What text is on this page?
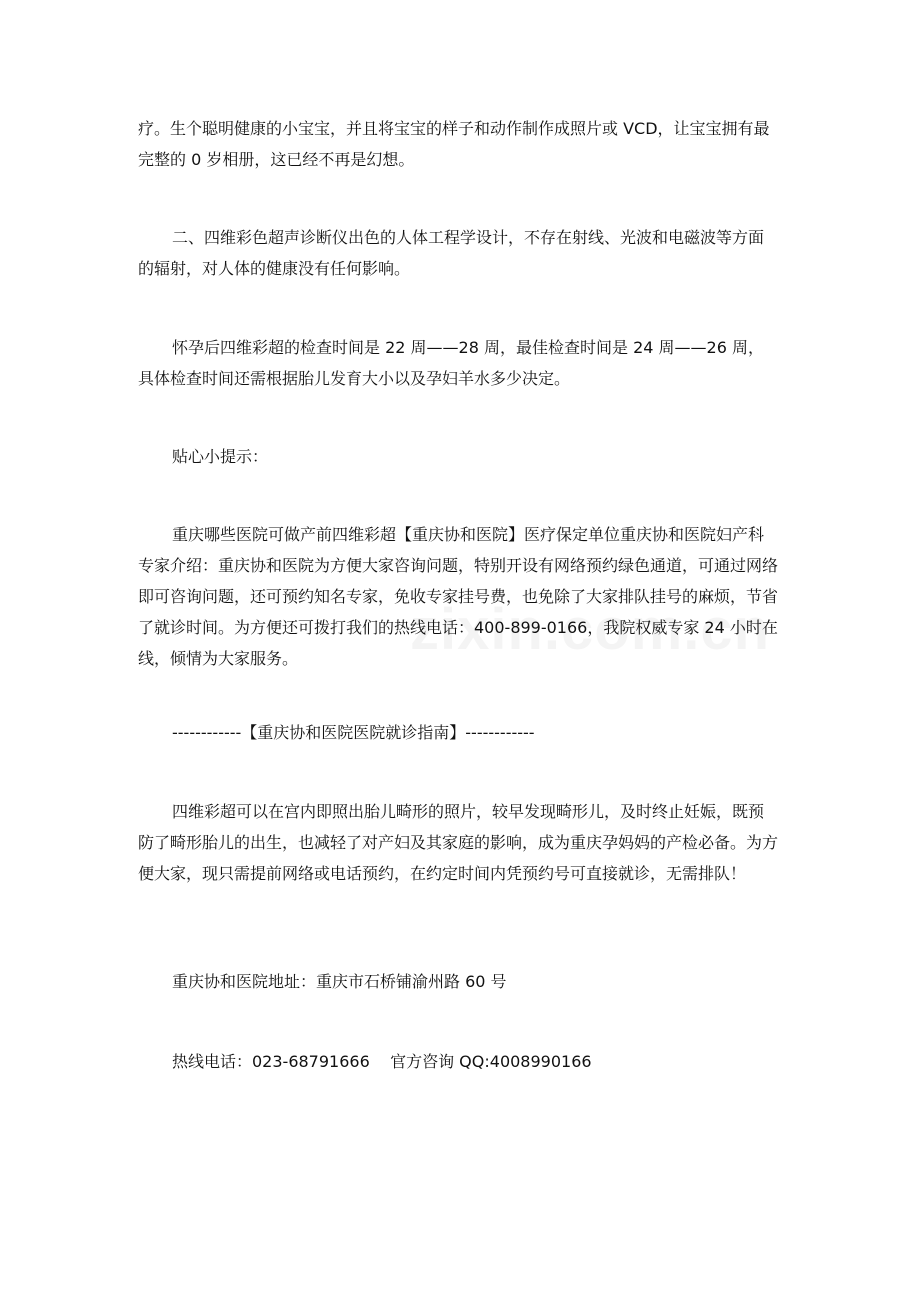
疗。生个聪明健康的小宝宝，并且将宝宝的样子和动作制作成照片或 VCD，让宝宝拥有最完整的 0 岁相册，这已经不再是幻想。

二、四维彩色超声诊断仪出色的人体工程学设计，不存在射线、光波和电磁波等方面的辐射，对人体的健康没有任何影响。

怀孕后四维彩超的检查时间是 22 周——28 周，最佳检查时间是 24 周——26 周，具体检查时间还需根据胎儿发育大小以及孕妇羊水多少决定。

贴心小提示：

重庆哪些医院可做产前四维彩超【重庆协和医院】医疗保定单位重庆协和医院妇产科专家介绍：重庆协和医院为方便大家咨询问题，特别开设有网络预约绿色通道，可通过网络即可咨询问题，还可预约知名专家，免收专家挂号费，也免除了大家排队挂号的麻烦，节省了就诊时间。为方便还可拨打我们的热线电话：400-899-0166，我院权威专家 24 小时在线，倾情为大家服务。

------------【重庆协和医院医院就诊指南】------------

四维彩超可以在宫内即照出胎儿畸形的照片，较早发现畸形儿，及时终止妊娠，既预防了畸形胎儿的出生，也减轻了对产妇及其家庭的影响，成为重庆孕妈妈的产检必备。为方便大家，现只需提前网络或电话预约，在约定时间内凭预约号可直接就诊，无需排队！

重庆协和医院地址：重庆市石桥铺渝州路 60 号

热线电话：023-68791666    官方咨询 QQ:4008990166
